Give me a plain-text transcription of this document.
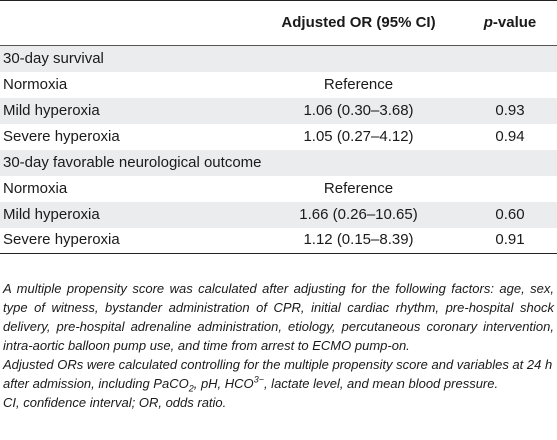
	Adjusted OR (95% CI)	p-value
30-day survival		
Normoxia	Reference	
Mild hyperoxia	1.06 (0.30–3.68)	0.93
Severe hyperoxia	1.05 (0.27–4.12)	0.94
30-day favorable neurological outcome		
Normoxia	Reference	
Mild hyperoxia	1.66 (0.26–10.65)	0.60
Severe hyperoxia	1.12 (0.15–8.39)	0.91

A multiple propensity score was calculated after adjusting for the following factors: age, sex, type of witness, bystander administration of CPR, initial cardiac rhythm, pre-hospital shock delivery, pre-hospital adrenaline administration, etiology, percutaneous coronary intervention, intra-aortic balloon pump use, and time from arrest to ECMO pump-on.

Adjusted ORs were calculated controlling for the multiple propensity score and variables at 24 h after admission, including PaCO$_2$, pH, $HCO^{3-}$, lactate level, and mean blood pressure.

CI, confidence interval; OR, odds ratio.
